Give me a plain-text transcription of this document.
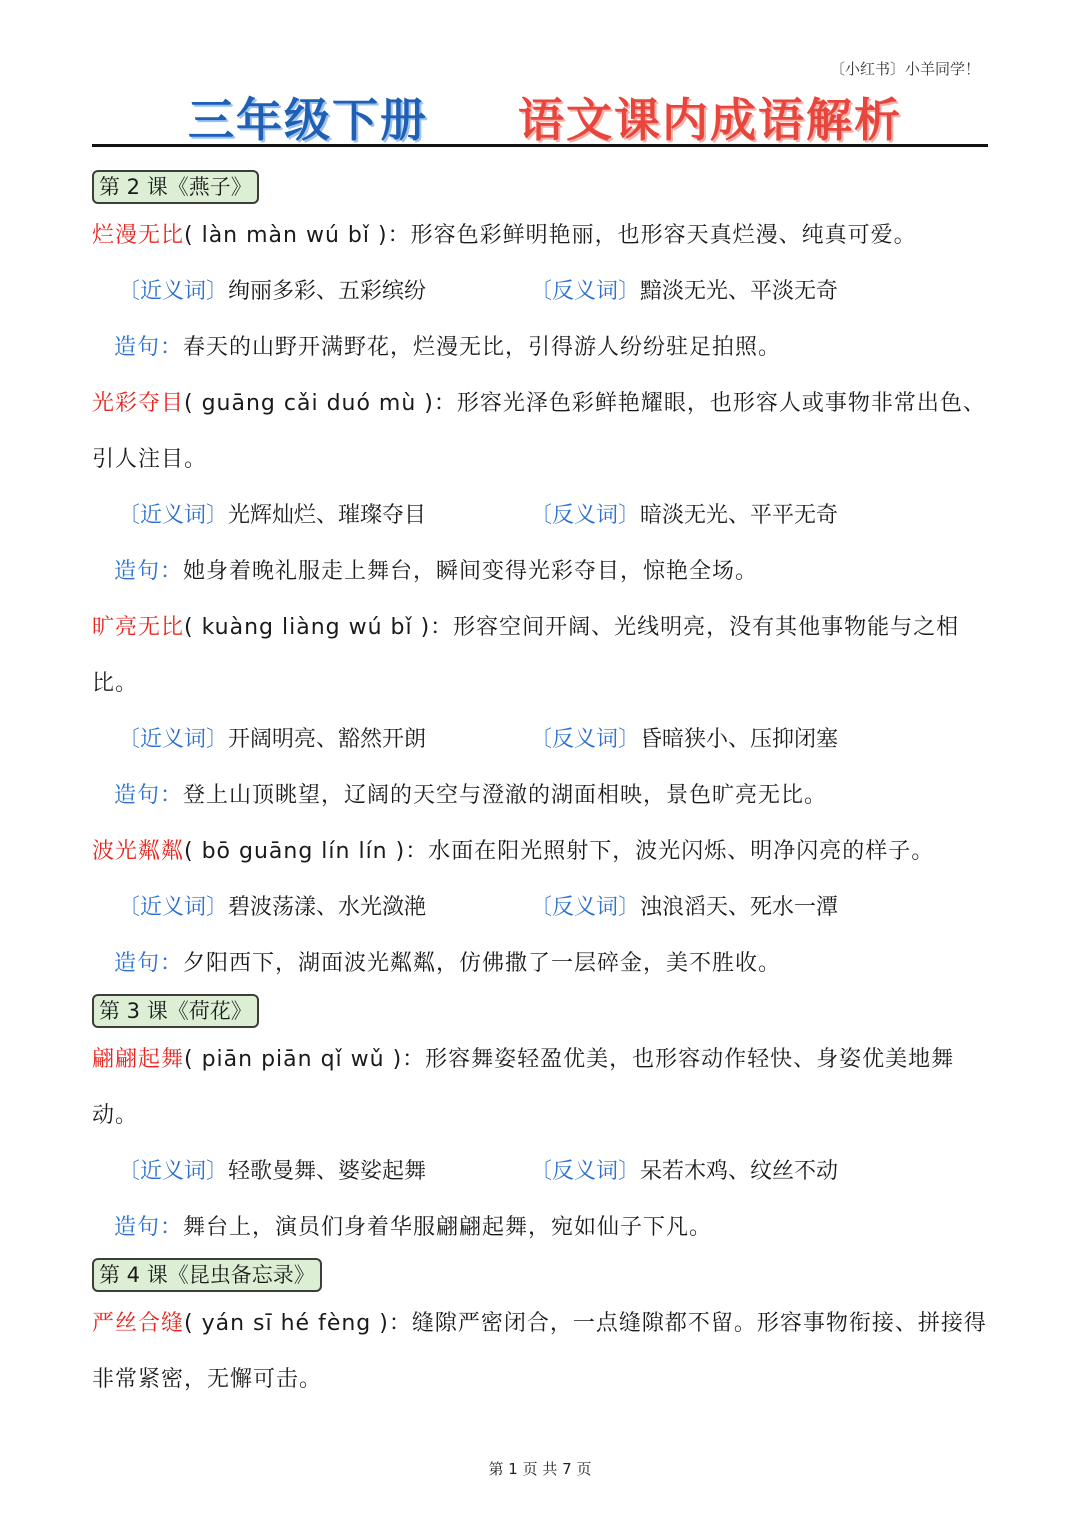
〔小红书〕小羊同学！
三年级下册 语文课内成语解析
第 2 课《燕子》
烂漫无比( làn màn wú bǐ )：形容色彩鲜明艳丽，也形容天真烂漫、纯真可爱。
〔近义词〕绚丽多彩、五彩缤纷	〔反义词〕黯淡无光、平淡无奇
造句：春天的山野开满野花，烂漫无比，引得游人纷纷驻足拍照。
光彩夺目( guāng cǎi duó mù )：形容光泽色彩鲜艳耀眼，也形容人或事物非常出色、引人注目。
〔近义词〕光辉灿烂、璀璨夺目	〔反义词〕暗淡无光、平平无奇
造句：她身着晚礼服走上舞台，瞬间变得光彩夺目，惊艳全场。
旷亮无比( kuàng liàng wú bǐ )：形容空间开阔、光线明亮，没有其他事物能与之相比。
〔近义词〕开阔明亮、豁然开朗	〔反义词〕昏暗狭小、压抑闭塞
造句：登上山顶眺望，辽阔的天空与澄澈的湖面相映，景色旷亮无比。
波光粼粼( bō guāng lín lín )：水面在阳光照射下，波光闪烁、明净闪亮的样子。
〔近义词〕碧波荡漾、水光潋滟	〔反义词〕浊浪滔天、死水一潭
造句：夕阳西下，湖面波光粼粼，仿佛撒了一层碎金，美不胜收。
第 3 课《荷花》
翩翩起舞( piān piān qǐ wǔ )：形容舞姿轻盈优美，也形容动作轻快、身姿优美地舞动。
〔近义词〕轻歌曼舞、婆娑起舞	〔反义词〕呆若木鸡、纹丝不动
造句：舞台上，演员们身着华服翩翩起舞，宛如仙子下凡。
第 4 课《昆虫备忘录》
严丝合缝( yán sī hé fèng )：缝隙严密闭合，一点缝隙都不留。形容事物衔接、拼接得非常紧密，无懈可击。
第 1 页 共 7 页
